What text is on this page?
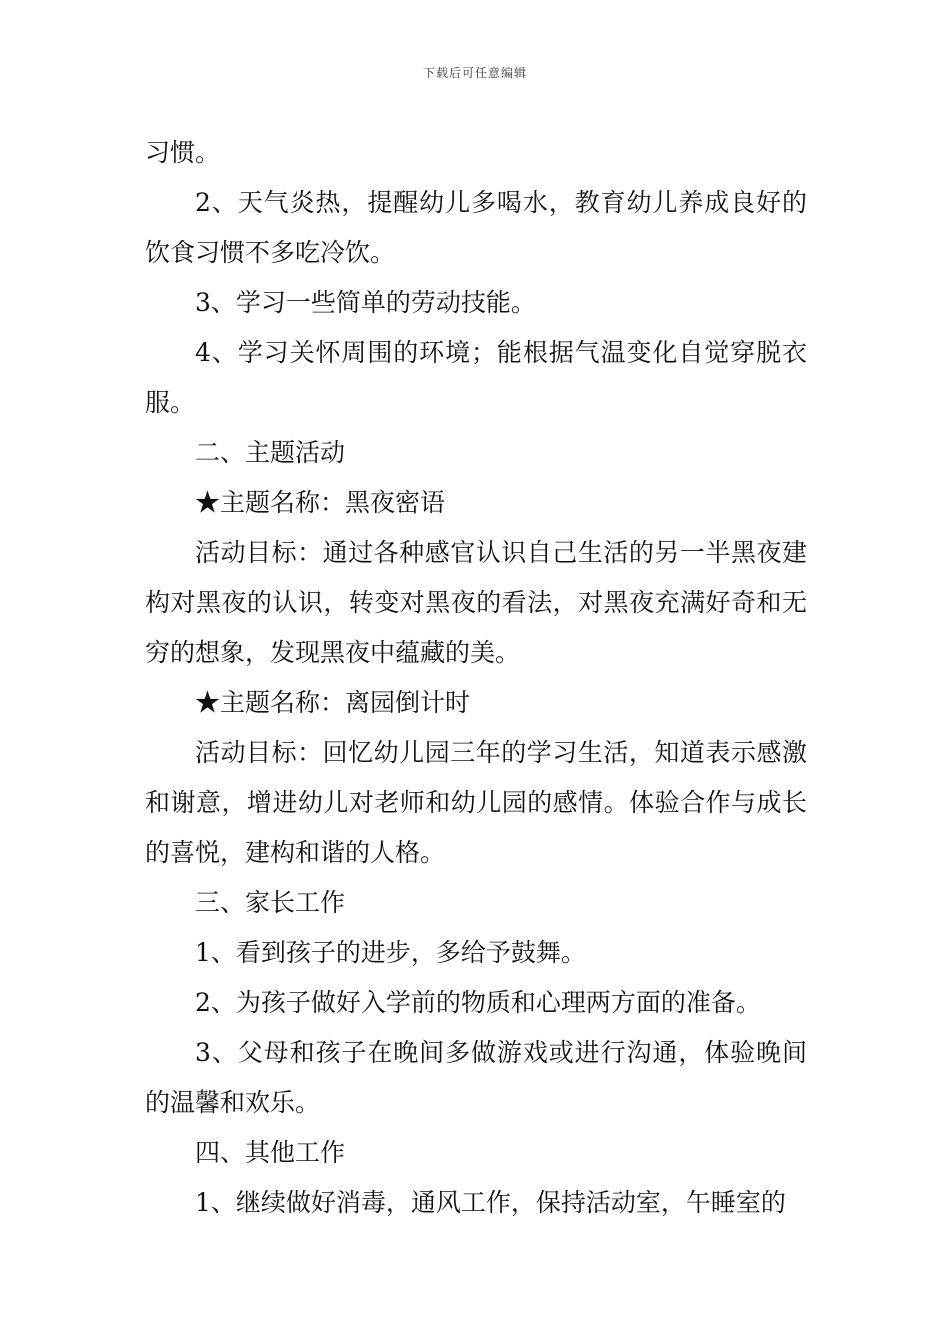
下载后可任意编辑

习惯。

2、天气炎热，提醒幼儿多喝水，教育幼儿养成良好的饮食习惯不多吃冷饮。

3、学习一些简单的劳动技能。

4、学习关怀周围的环境；能根据气温变化自觉穿脱衣服。

二、主题活动

★主题名称：黑夜密语

活动目标：通过各种感官认识自己生活的另一半黑夜建构对黑夜的认识，转变对黑夜的看法，对黑夜充满好奇和无穷的想象，发现黑夜中蕴藏的美。

★主题名称：离园倒计时

活动目标：回忆幼儿园三年的学习生活，知道表示感激和谢意，增进幼儿对老师和幼儿园的感情。体验合作与成长的喜悦，建构和谐的人格。

三、家长工作

1、看到孩子的进步，多给予鼓舞。

2、为孩子做好入学前的物质和心理两方面的准备。

3、父母和孩子在晚间多做游戏或进行沟通，体验晚间的温馨和欢乐。

四、其他工作

1、继续做好消毒，通风工作，保持活动室，午睡室的
